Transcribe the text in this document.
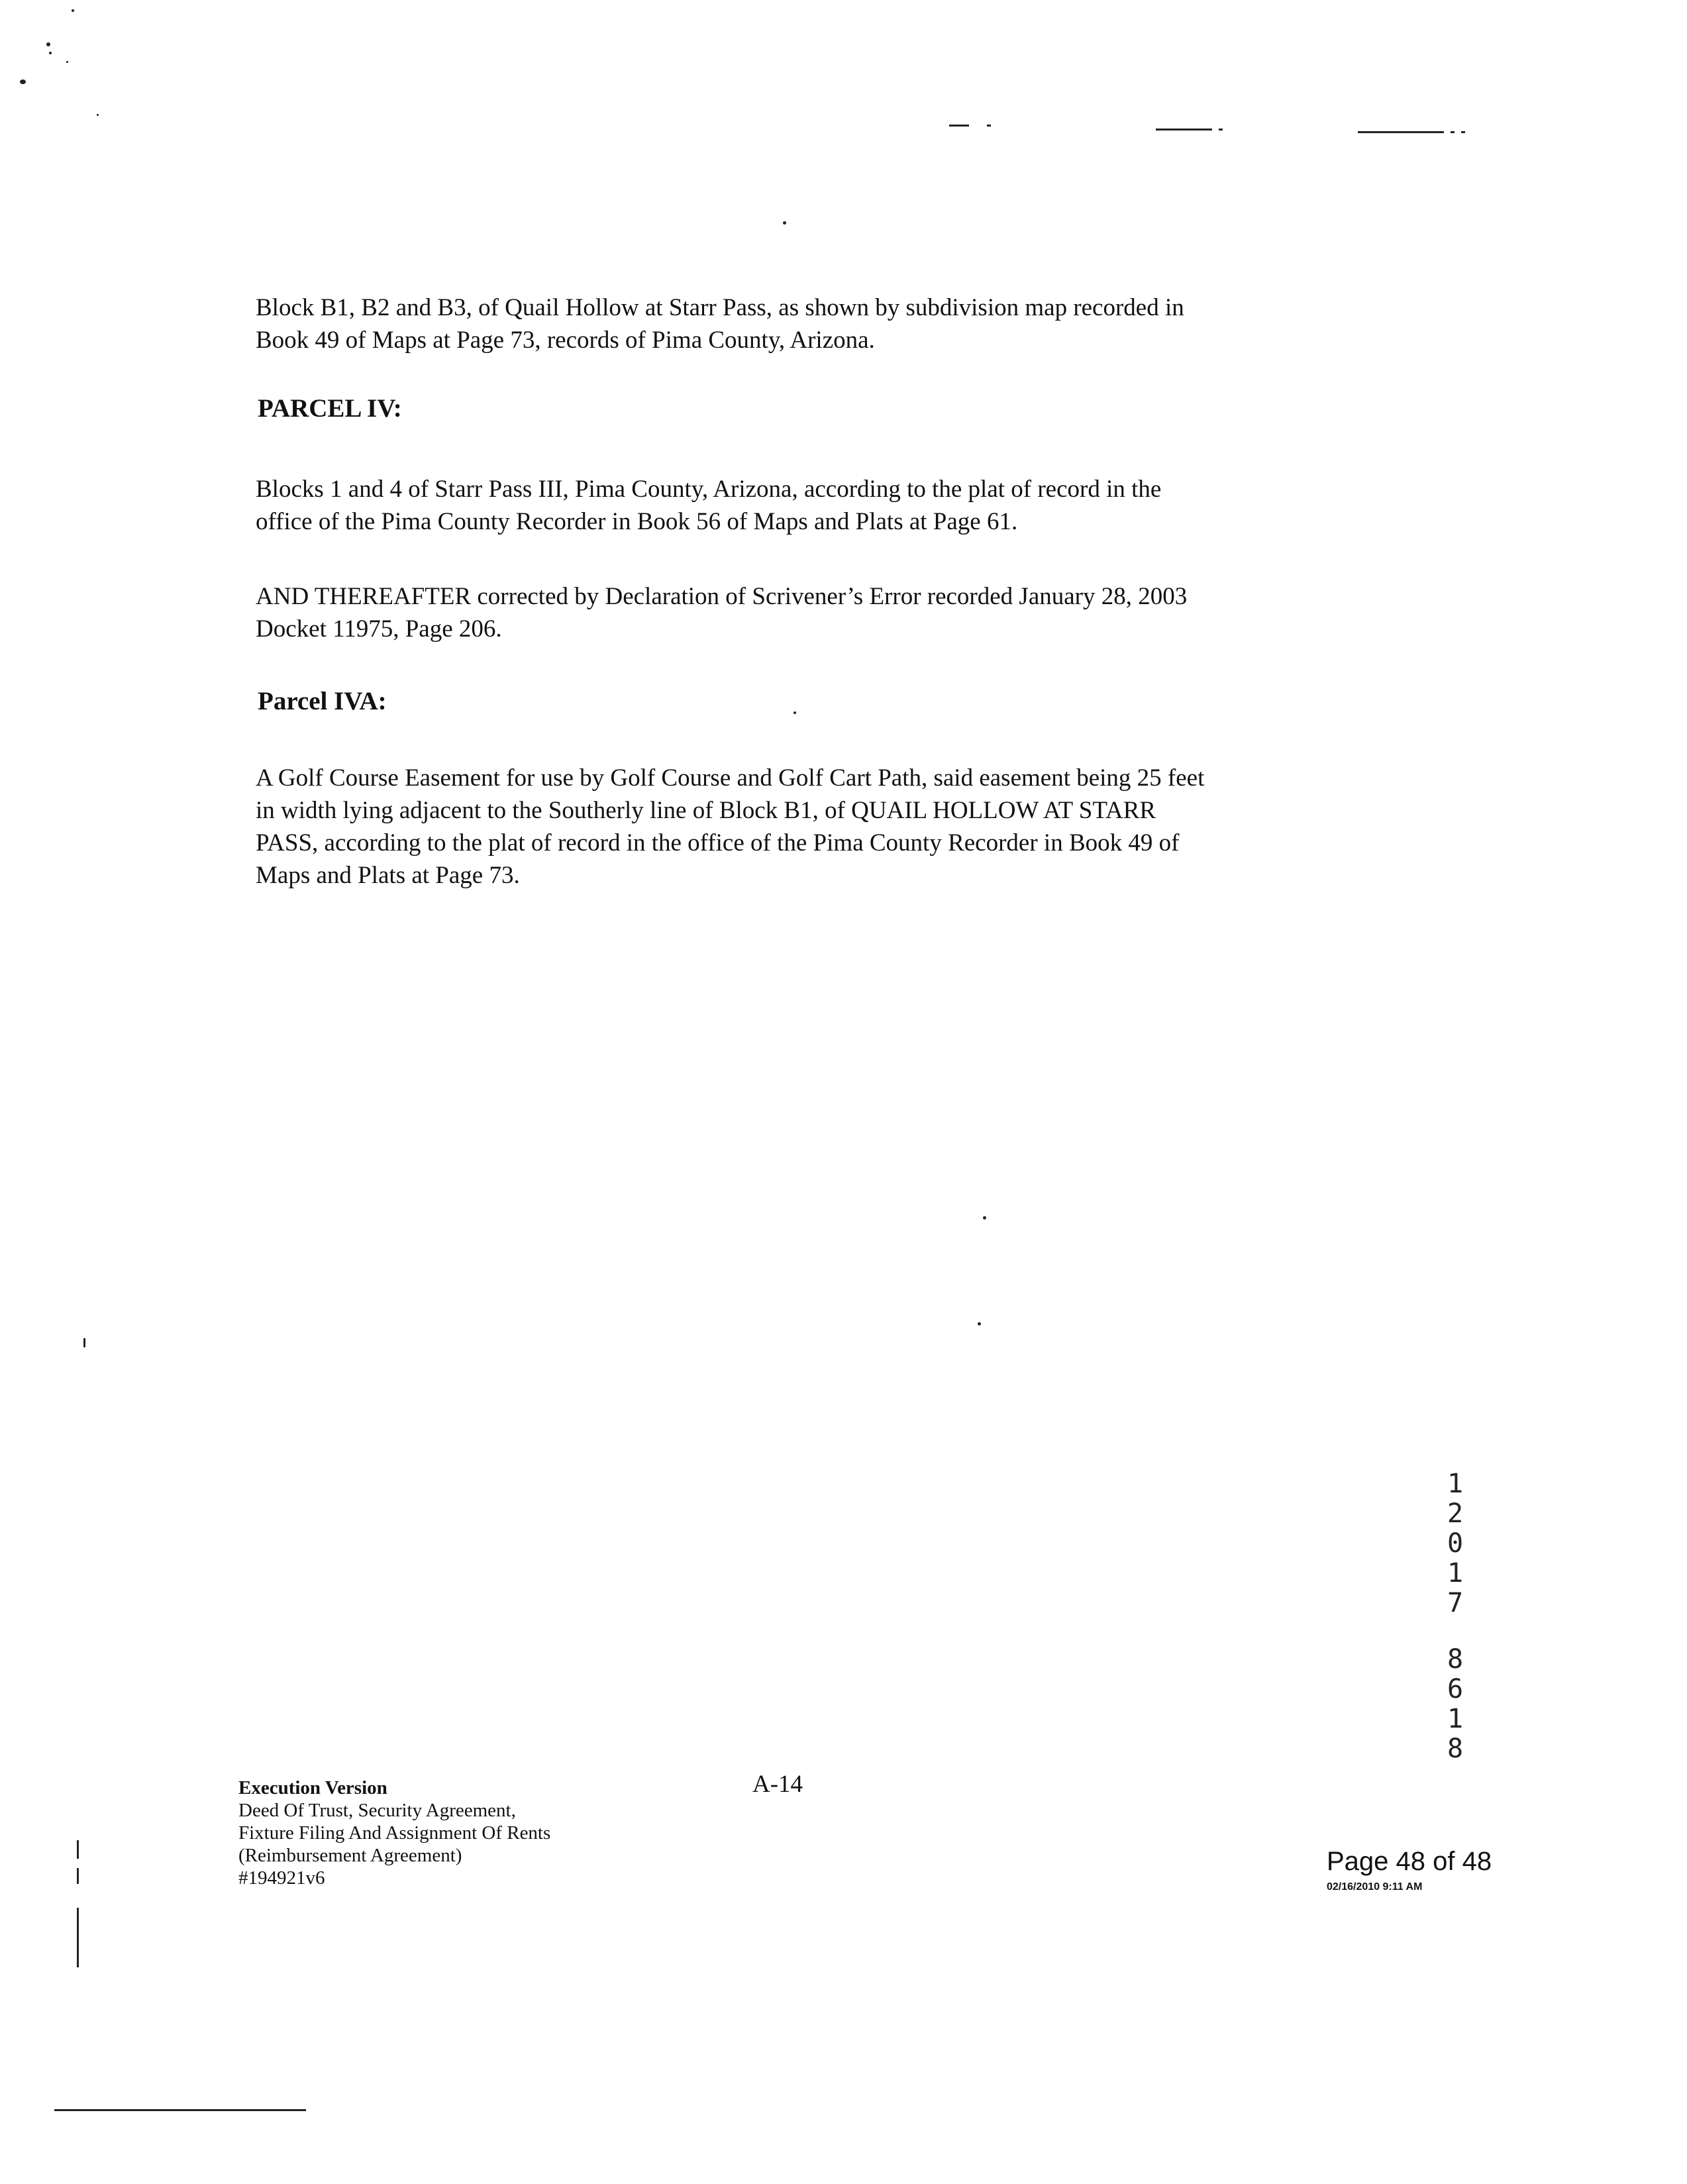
Block B1, B2 and B3, of Quail Hollow at Starr Pass, as shown by subdivision map recorded in
Book 49 of Maps at Page 73, records of Pima County, Arizona.

PARCEL IV:

Blocks 1 and 4 of Starr Pass III, Pima County, Arizona, according to the plat of record in the
office of the Pima County Recorder in Book 56 of Maps and Plats at Page 61.

AND THEREAFTER corrected by Declaration of Scrivener’s Error recorded January 28, 2003
Docket 11975, Page 206.

Parcel IVA:

A Golf Course Easement for use by Golf Course and Golf Cart Path, said easement being 25 feet
in width lying adjacent to the Southerly line of Block B1, of QUAIL HOLLOW AT STARR
PASS, according to the plat of record in the office of the Pima County Recorder in Book 49 of
Maps and Plats at Page 73.

1
2
0
1
7
8
6
1
8
Execution Version
Deed Of Trust, Security Agreement,
Fixture Filing And Assignment Of Rents
(Reimbursement Agreement)
#194921v6
A-14
Page 48 of 48
02/16/2010 9:11 AM
